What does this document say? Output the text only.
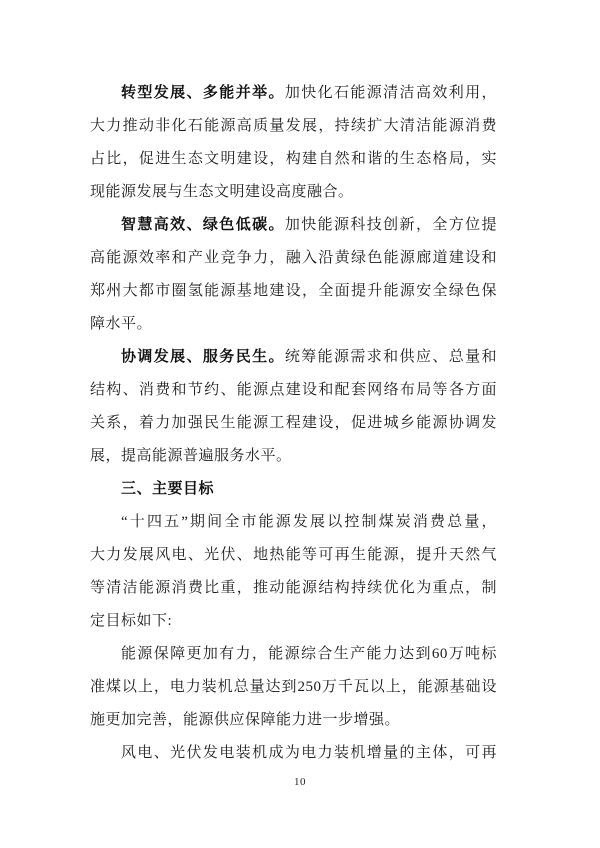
转型发展、多能并举。加快化石能源清洁高效利用，
大力推动非化石能源高质量发展，持续扩大清洁能源消费
占比，促进生态文明建设，构建自然和谐的生态格局，实
现能源发展与生态文明建设高度融合。
智慧高效、绿色低碳。加快能源科技创新，全方位提
高能源效率和产业竞争力，融入沿黄绿色能源廊道建设和
郑州大都市圈氢能源基地建设，全面提升能源安全绿色保
障水平。
协调发展、服务民生。统筹能源需求和供应、总量和
结构、消费和节约、能源点建设和配套网络布局等各方面
关系，着力加强民生能源工程建设，促进城乡能源协调发
展，提高能源普遍服务水平。
三、主要目标
“十四五”期间全市能源发展以控制煤炭消费总量，
大力发展风电、光伏、地热能等可再生能源，提升天然气
等清洁能源消费比重，推动能源结构持续优化为重点，制
定目标如下:
能源保障更加有力，能源综合生产能力达到60万吨标
准煤以上，电力装机总量达到250万千瓦以上，能源基础设
施更加完善，能源供应保障能力进一步增强。
风电、光伏发电装机成为电力装机增量的主体，可再
10
